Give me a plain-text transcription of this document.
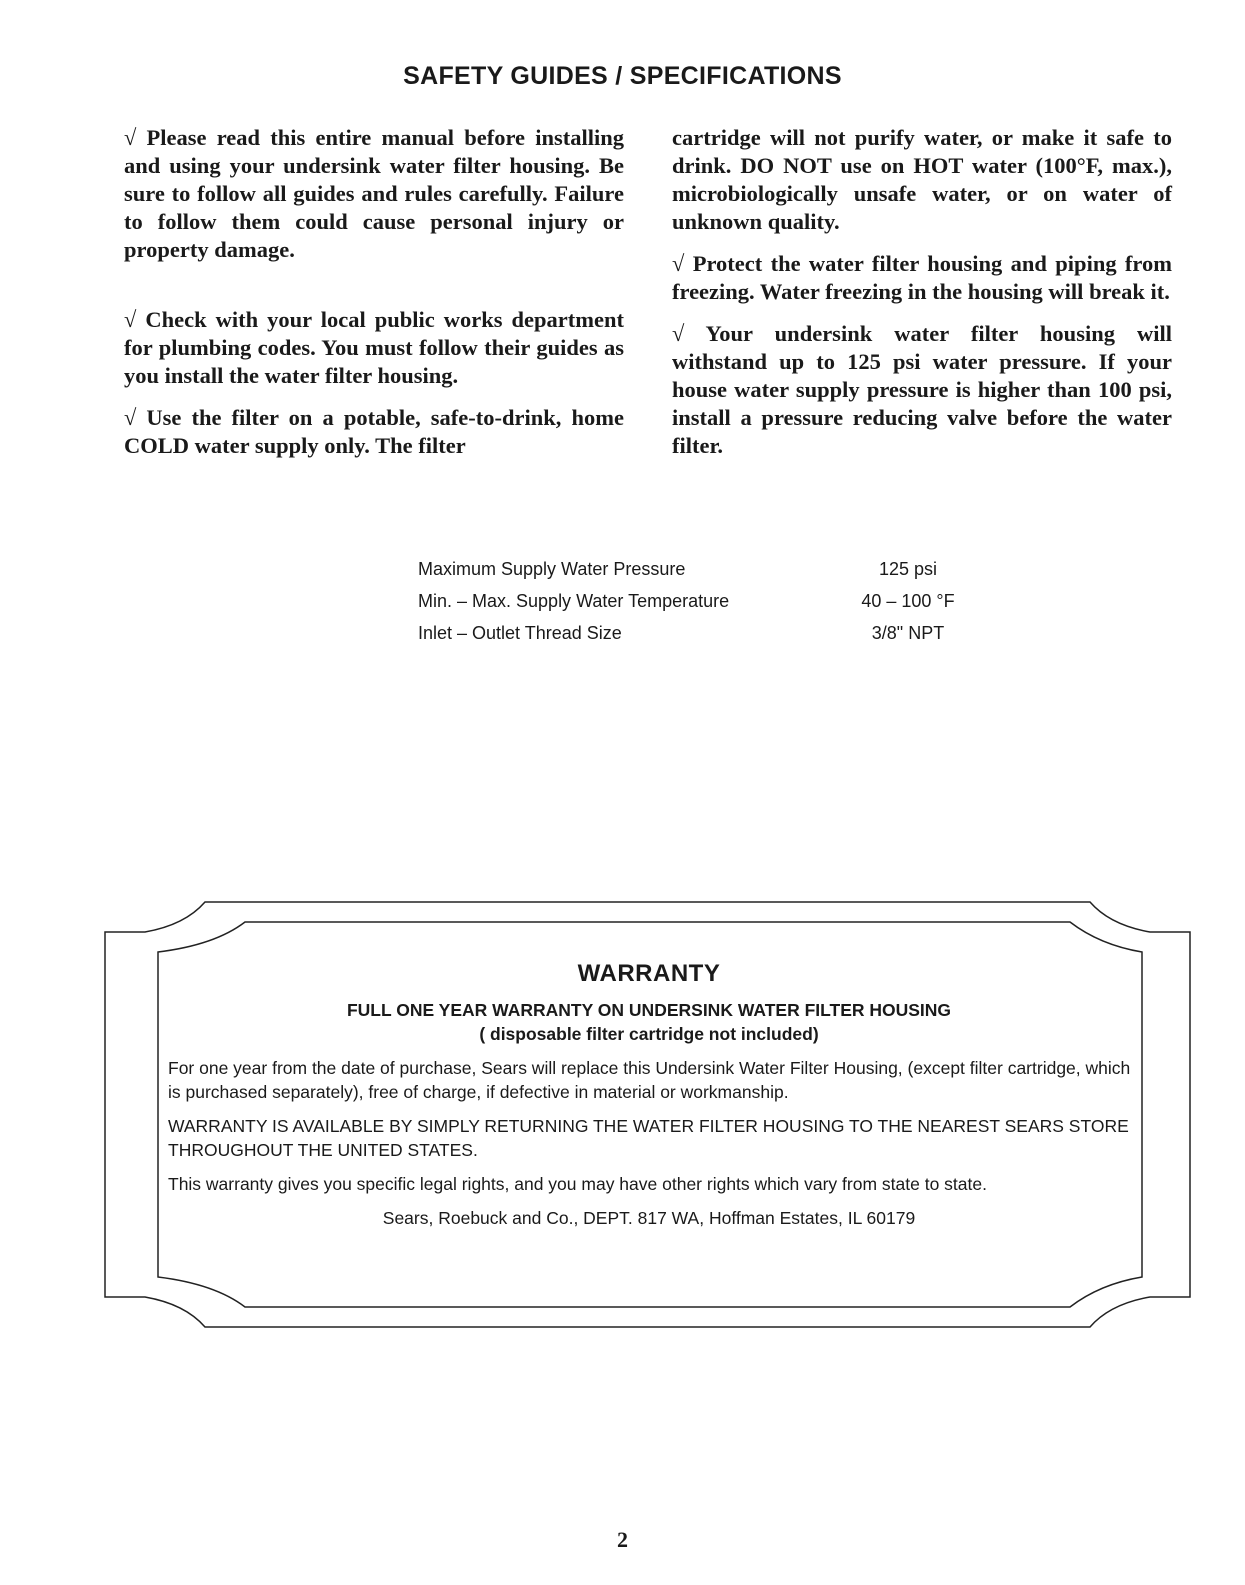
SAFETY GUIDES / SPECIFICATIONS

√ Please read this entire manual before installing and using your undersink water filter housing. Be sure to follow all guides and rules carefully. Failure to follow them could cause personal injury or property damage.

√ Check with your local public works department for plumbing codes. You must follow their guides as you install the water filter housing.

√ Use the filter on a potable, safe-to-drink, home COLD water supply only. The filter

cartridge will not purify water, or make it safe to drink. DO NOT use on HOT water (100°F, max.), microbiologically unsafe water, or on water of unknown quality.

√ Protect the water filter housing and piping from freezing. Water freezing in the housing will break it.

√ Your undersink water filter housing will withstand up to 125 psi water pressure. If your house water supply pressure is higher than 100 psi, install a pressure reducing valve before the water filter.

Maximum Supply Water Pressure	125 psi
Min. – Max. Supply Water Temperature	40 – 100 °F
Inlet – Outlet Thread Size	3/8" NPT
WARRANTY
FULL ONE YEAR WARRANTY ON UNDERSINK WATER FILTER HOUSING
( disposable filter cartridge not included)
For one year from the date of purchase, Sears will replace this Undersink Water Filter Housing, (except filter cartridge, which is purchased separately), free of charge, if defective in material or workmanship.
WARRANTY IS AVAILABLE BY SIMPLY RETURNING THE WATER FILTER HOUSING TO THE NEAREST SEARS STORE THROUGHOUT THE UNITED STATES.
This warranty gives you specific legal rights, and you may have other rights which vary from state to state.
Sears, Roebuck and Co., DEPT. 817 WA, Hoffman Estates, IL 60179
2
